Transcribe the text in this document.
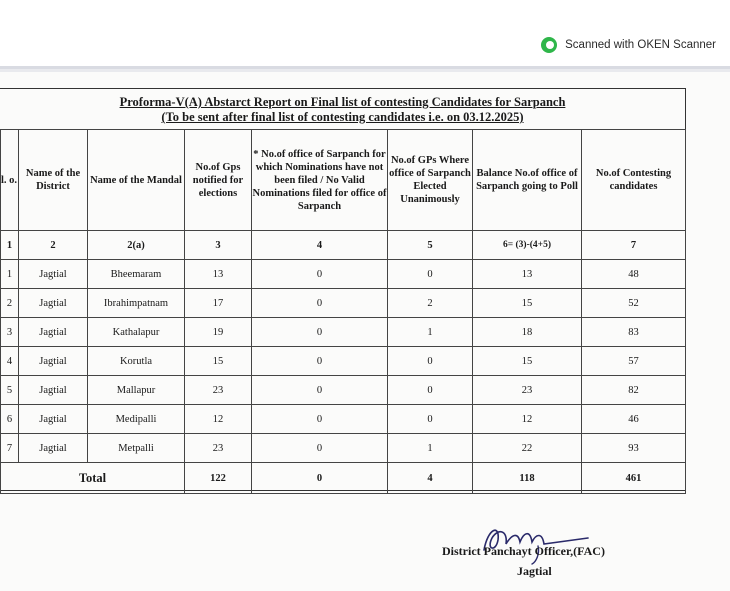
Scanned with OKEN Scanner
Proforma-V(A) Abstarct Report on Final list of contesting Candidates for Sarpanch
(To be sent after final list of contesting candidates i.e. on 03.12.2025)
l. o.	Name of the District	Name of the Mandal	No.of Gps notified for elections	* No.of office of Sarpanch for which Nominations have not been filed / No Valid Nominations filed for office of Sarpanch	No.of GPs Where office of Sarpanch Elected Unanimously	Balance No.of office of Sarpanch going to Poll	No.of Contesting candidates
1	2	2(a)	3	4	5	6= (3)-(4+5)	7
1	Jagtial	Bheemaram	13	0	0	13	48
2	Jagtial	Ibrahimpatnam	17	0	2	15	52
3	Jagtial	Kathalapur	19	0	1	18	83
4	Jagtial	Korutla	15	0	0	15	57
5	Jagtial	Mallapur	23	0	0	23	82
6	Jagtial	Medipalli	12	0	0	12	46
7	Jagtial	Metpalli	23	0	1	22	93
Total			122	0	4	118	461
District Panchayt Officer,(FAC)
Jagtial
